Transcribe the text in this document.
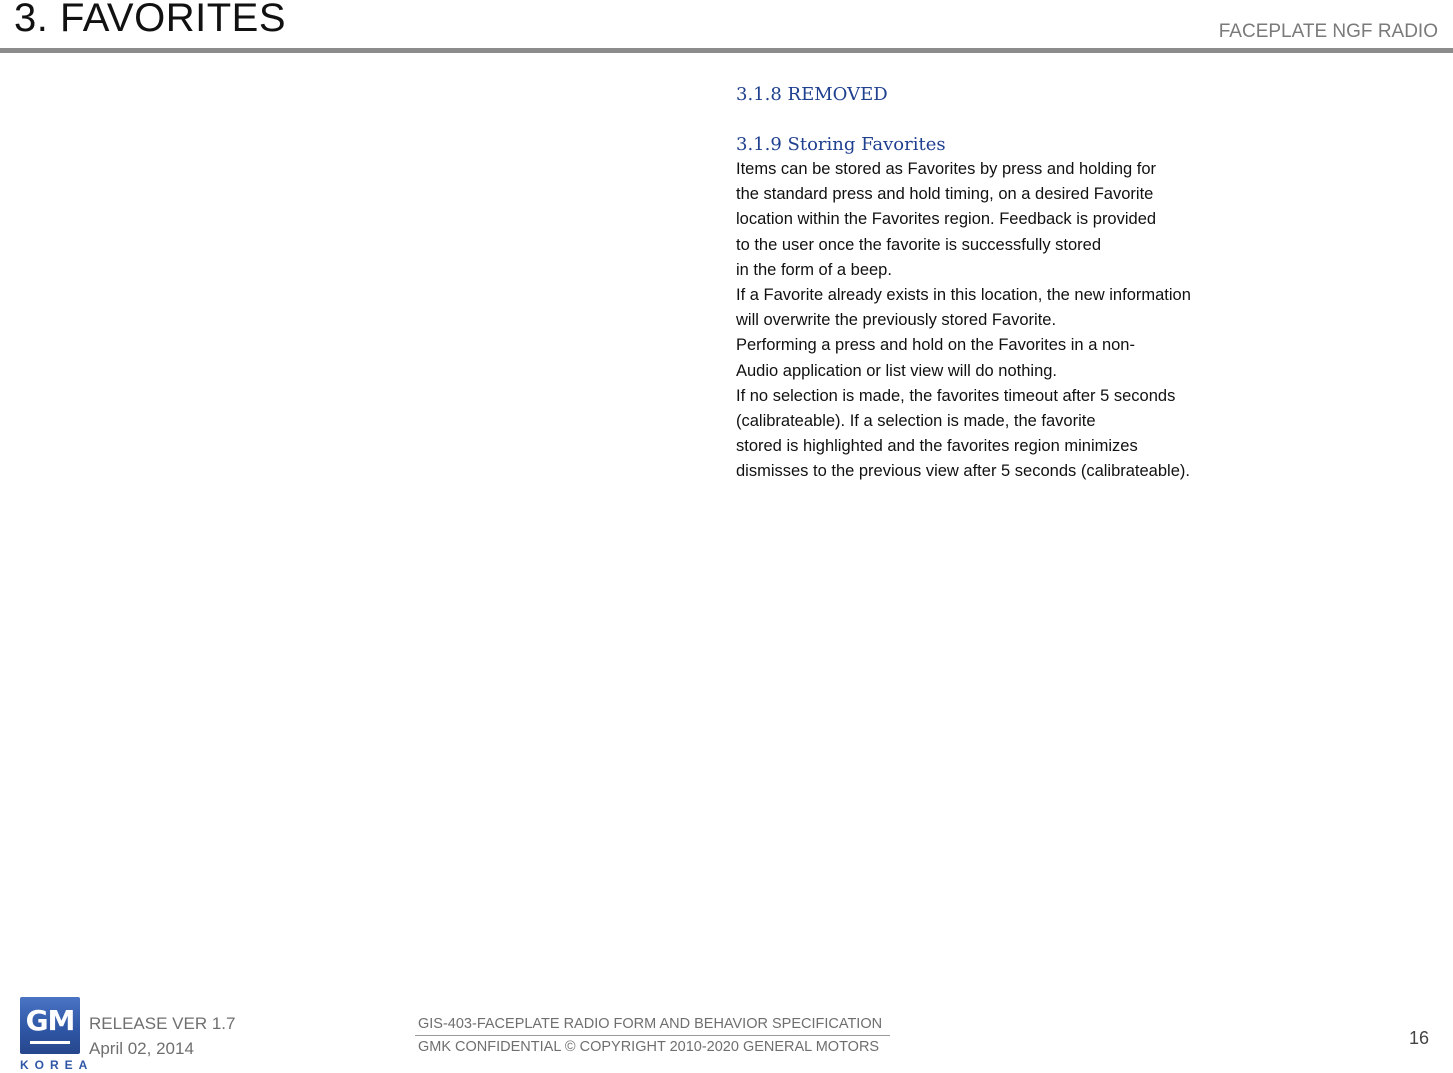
3. FAVORITES	FACEPLATE NGF RADIO
3.1.8 REMOVED
3.1.9 Storing Favorites
Items can be stored as Favorites by press and holding for
the standard press and hold timing, on a desired Favorite
location within the Favorites region. Feedback is provided
to the user once the favorite is successfully stored
in the form of a beep.
If a Favorite already exists in this location, the new information
will overwrite the previously stored Favorite.
Performing a press and hold on the Favorites in a non-
Audio application or list view will do nothing.
If no selection is made, the favorites timeout after 5 seconds
(calibrateable). If a selection is made, the favorite
stored is highlighted and the favorites region minimizes
dismisses to the previous view after 5 seconds (calibrateable).
GM
KOREA
RELEASE VER 1.7
April 02, 2014
GIS-403-FACEPLATE RADIO FORM AND BEHAVIOR SPECIFICATION
GMK CONFIDENTIAL © COPYRIGHT 2010-2020 GENERAL MOTORS	16
